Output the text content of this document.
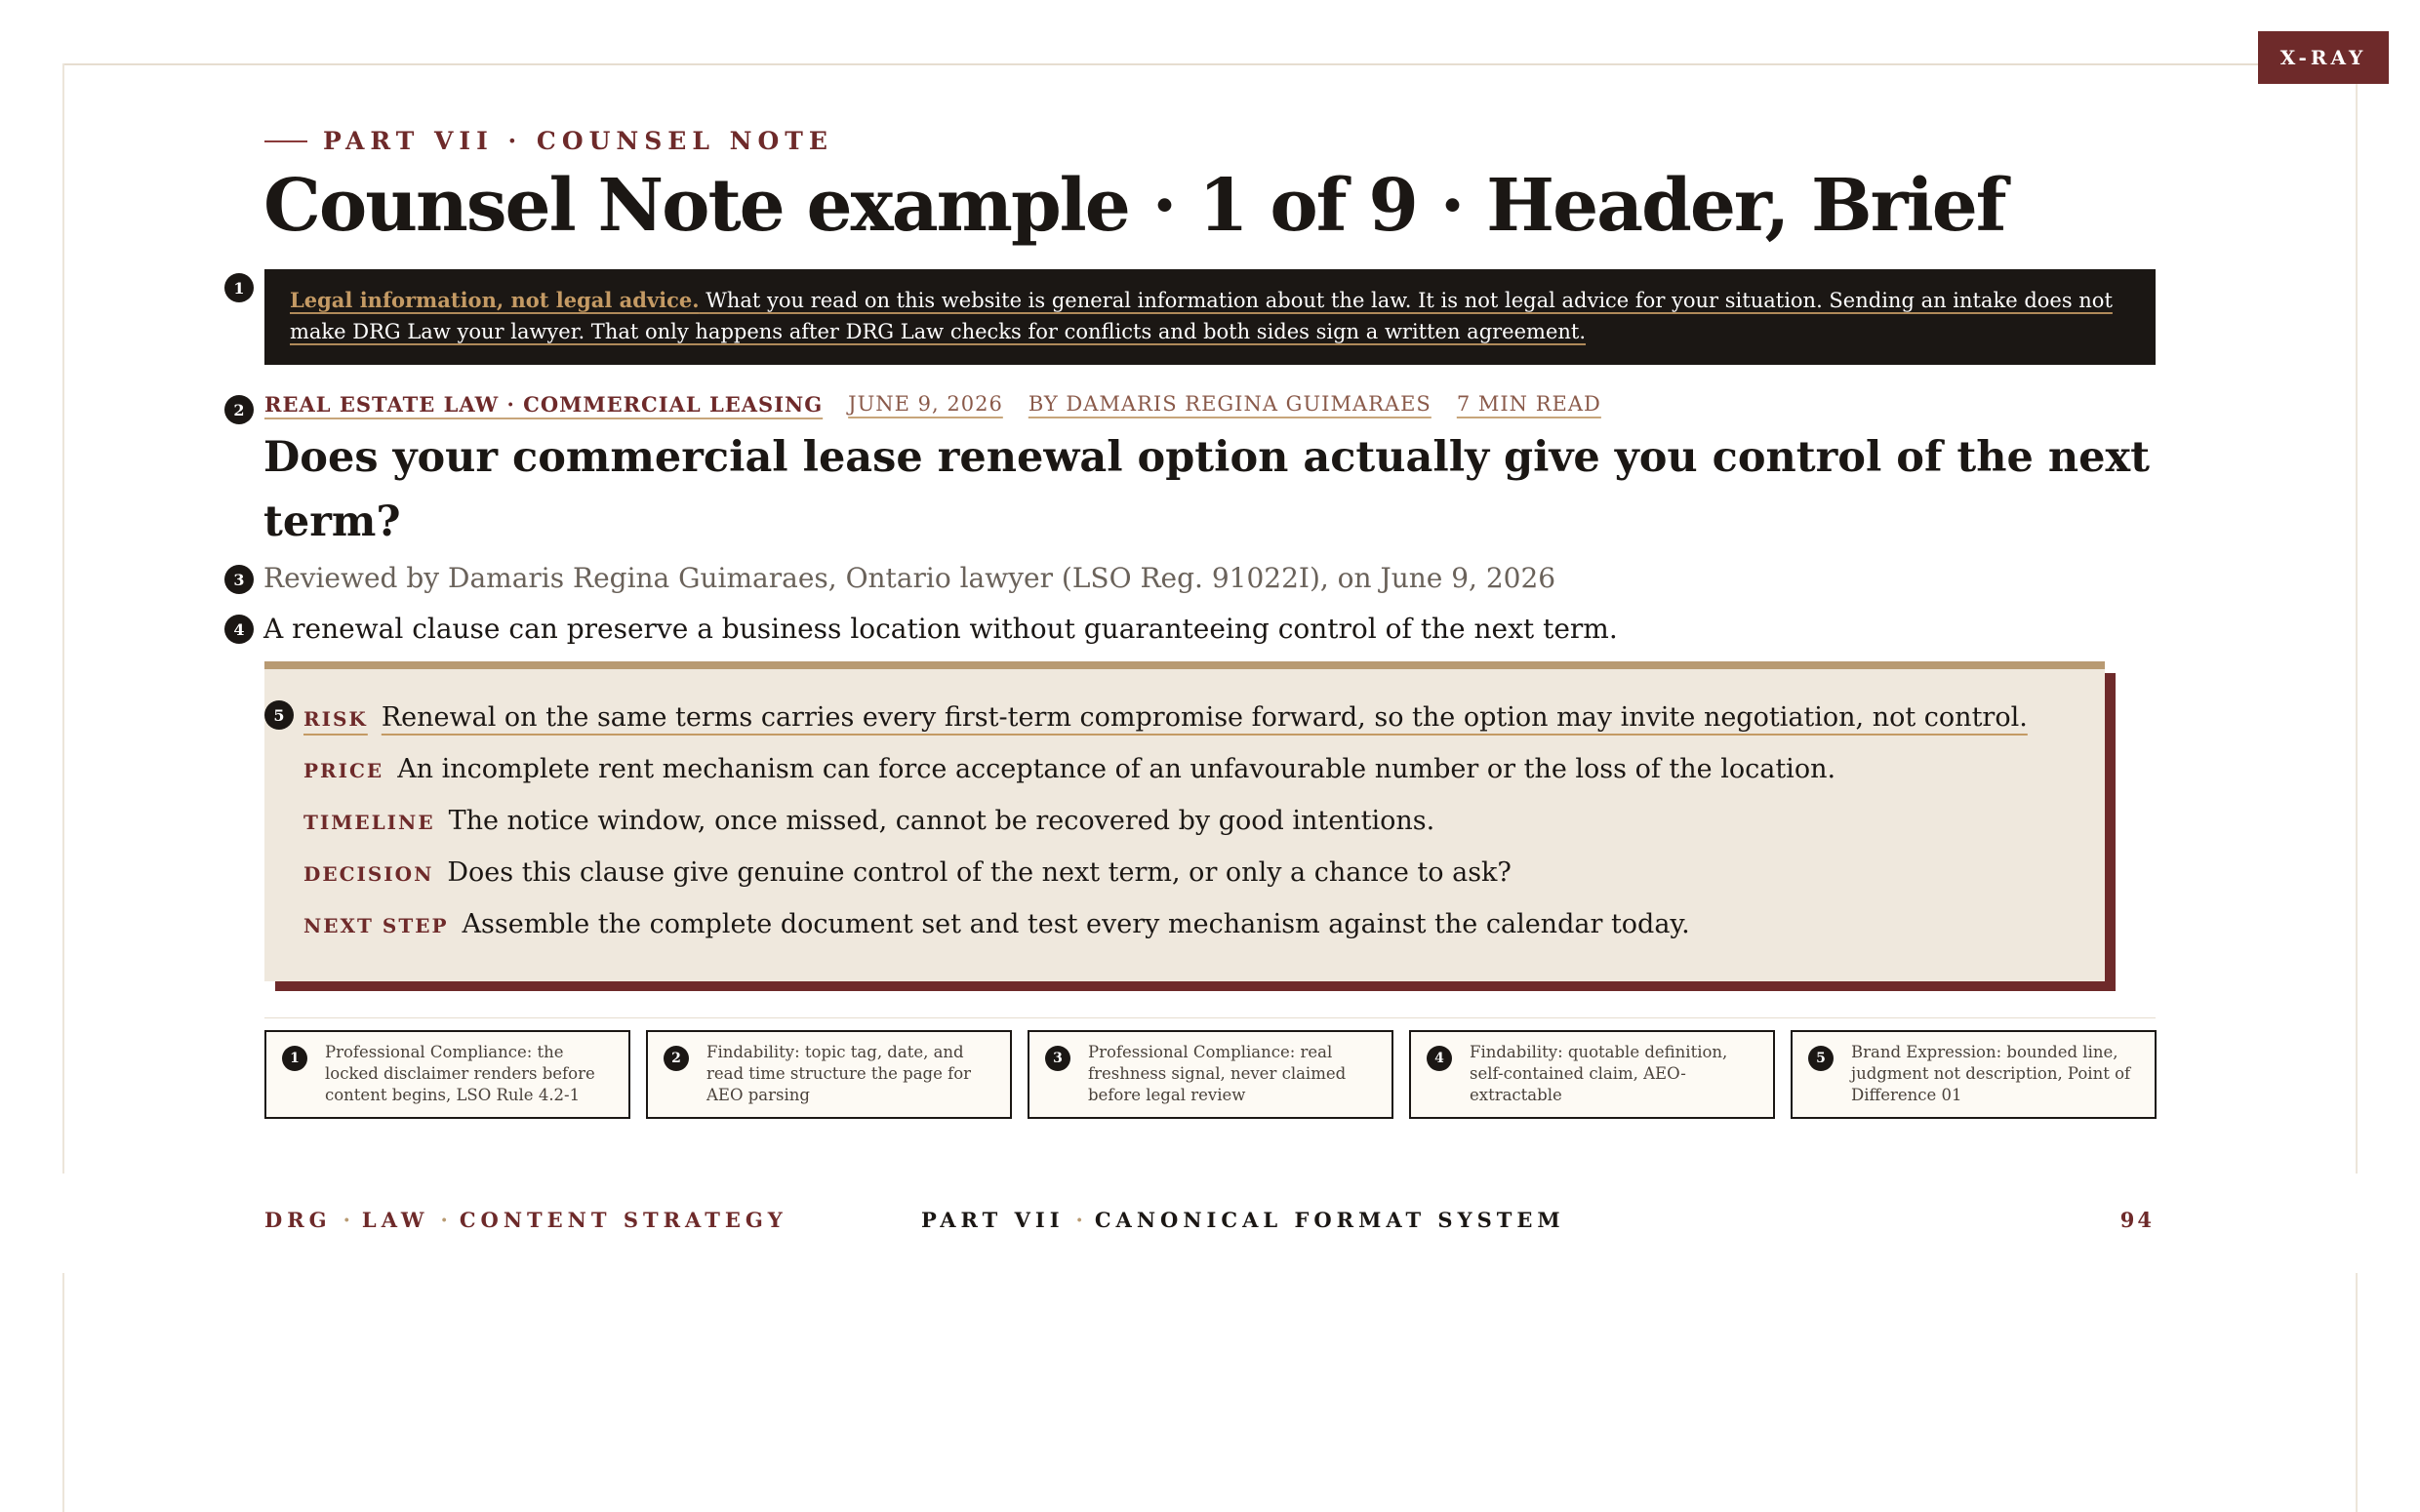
X-RAY
PART VII · COUNSEL NOTE
Counsel Note example · 1 of 9 · Header, Brief
1	Legal information, not legal advice. What you read on this website is general information about the law. It is not legal advice for your situation. Sending an intake does not make DRG Law your lawyer. That only happens after DRG Law checks for conflicts and both sides sign a written agreement.
2 REAL ESTATE LAW · COMMERCIAL LEASING JUNE 9, 2026 BY DAMARIS REGINA GUIMARAES 7 MIN READ
Does your commercial lease renewal option actually give you control of the next term?
3 Reviewed by Damaris Regina Guimaraes, Ontario lawyer (LSO Reg. 91022I), on June 9, 2026
4 A renewal clause can preserve a business location without guaranteeing control of the next term.
RISK Renewal on the same terms carries every first-term compromise forward, so the option may invite negotiation, not control.
PRICE An incomplete rent mechanism can force acceptance of an unfavourable number or the loss of the location.
TIMELINE The notice window, once missed, cannot be recovered by good intentions.
DECISION Does this clause give genuine control of the next term, or only a chance to ask?
NEXT STEP Assemble the complete document set and test every mechanism against the calendar today.
5
1	Professional Compliance: the locked disclaimer renders before content begins, LSO Rule 4.2-1
2	Findability: topic tag, date, and read time structure the page for AEO parsing
3	Professional Compliance: real freshness signal, never claimed before legal review
4	Findability: quotable definition, self-contained claim, AEO-extractable
5	Brand Expression: bounded line, judgment not description, Point of Difference 01
DRG · LAW · CONTENT STRATEGY	PART VII · CANONICAL FORMAT SYSTEM	94
